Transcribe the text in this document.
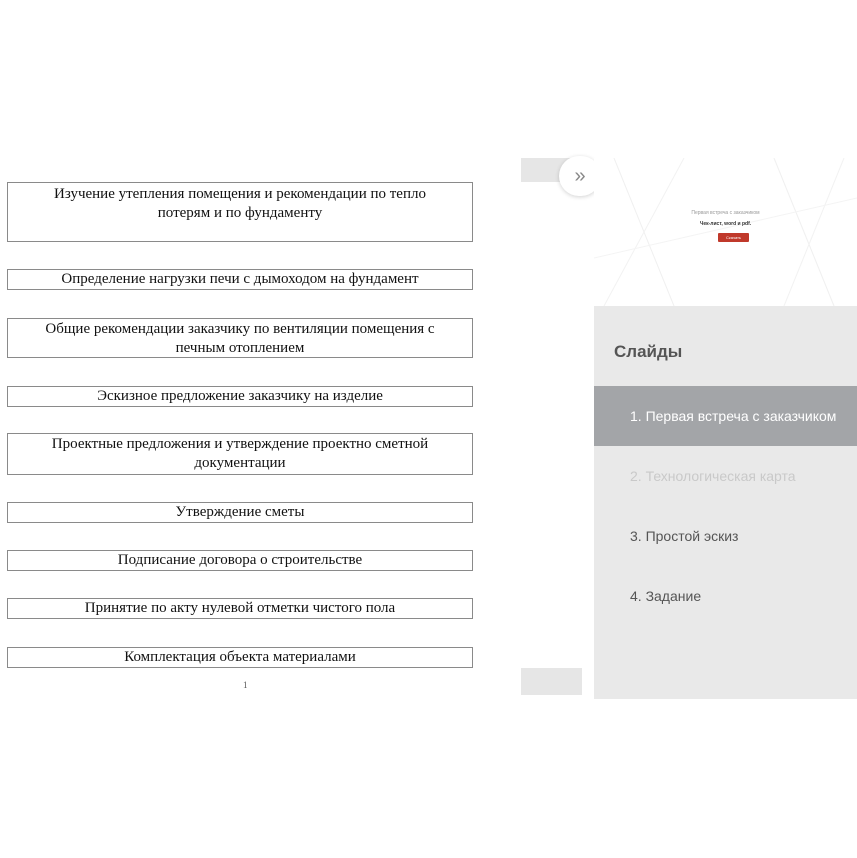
Изучение утепления помещения и рекомендации по тепло
потерям и по фундаменту
Определение нагрузки печи с дымоходом на фундамент
Общие рекомендации заказчику по вентиляции помещения с
печным отоплением
Эскизное предложение заказчику на изделие
Проектные предложения и утверждение проектно сметной
документации
Утверждение сметы
Подписание договора о строительстве
Принятие по акту нулевой отметки чистого пола
Комплектация объекта материалами
1
»
Первая встреча с заказчиком
Чек-лист, word и pdf.
Скачать
Слайды
1. Первая встреча с заказчиком
2. Технологическая карта
3. Простой эскиз
4. Задание
